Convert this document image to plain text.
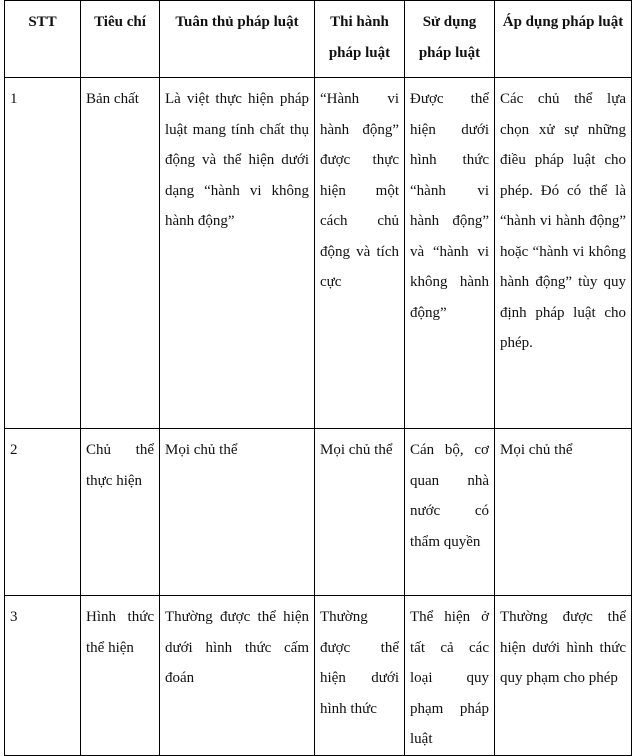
STT	Tiêu chí	Tuân thủ pháp luật	Thi hành pháp luật	Sử dụng pháp luật	Áp dụng pháp luật
1	Bản chất	Là việt thực hiện pháp luật mang tính chất thụ động và thể hiện dưới dạng “hành vi không hành động”	“Hành vi hành động” được thực hiện một cách chủ động và tích cực	Được thể hiện dưới hình thức “hành vi hành động” và “hành vi không hành động”	Các chủ thể lựa chọn xử sự những điều pháp luật cho phép. Đó có thể là “hành vi hành động” hoặc “hành vi không hành động” tùy quy định pháp luật cho phép.
2	Chủ thể thực hiện	Mọi chủ thể	Mọi chủ thể	Cán bộ, cơ quan nhà nước có thẩm quyền	Mọi chủ thể
3	Hình thức thể hiện	Thường được thể hiện dưới hình thức cấm đoán	Thường được thể hiện dưới hình thức	Thể hiện ở tất cả các loại quy phạm pháp luật	Thường được thể hiện dưới hình thức quy phạm cho phép
